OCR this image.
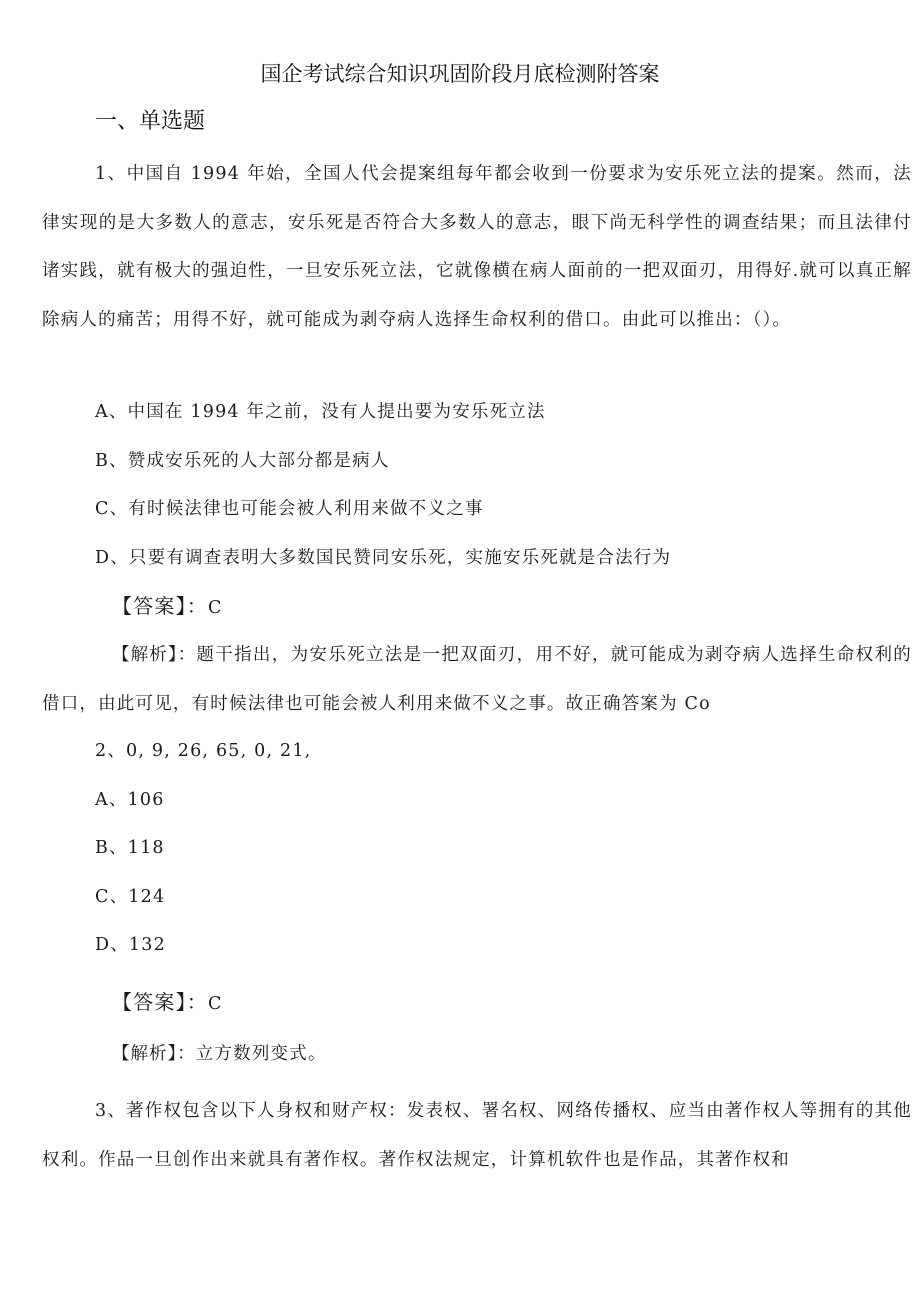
国企考试综合知识巩固阶段月底检测附答案
一、单选题
1、中国自 1994 年始，全国人代会提案组每年都会收到一份要求为安乐死立法的提案。然而，法律实现的是大多数人的意志，安乐死是否符合大多数人的意志，眼下尚无科学性的调查结果；而且法律付诸实践，就有极大的强迫性，一旦安乐死立法，它就像横在病人面前的一把双面刃，用得好.就可以真正解除病人的痛苦；用得不好，就可能成为剥夺病人选择生命权利的借口。由此可以推出：（）。
A、中国在 1994 年之前，没有人提出要为安乐死立法
B、赞成安乐死的人大部分都是病人
C、有时候法律也可能会被人利用来做不义之事
D、只要有调查表明大多数国民赞同安乐死，实施安乐死就是合法行为
【答案】：C
【解析】：题干指出，为安乐死立法是一把双面刃，用不好，就可能成为剥夺病人选择生命权利的借口，由此可见，有时候法律也可能会被人利用来做不义之事。故正确答案为 Co
2、0, 9, 26, 65, 0, 21,
A、106
B、118
C、124
D、132
【答案】：C
【解析】：立方数列变式。
3、著作权包含以下人身权和财产权：发表权、署名权、网络传播权、应当由著作权人等拥有的其他权利。作品一旦创作出来就具有著作权。著作权法规定，计算机软件也是作品，其著作权和
